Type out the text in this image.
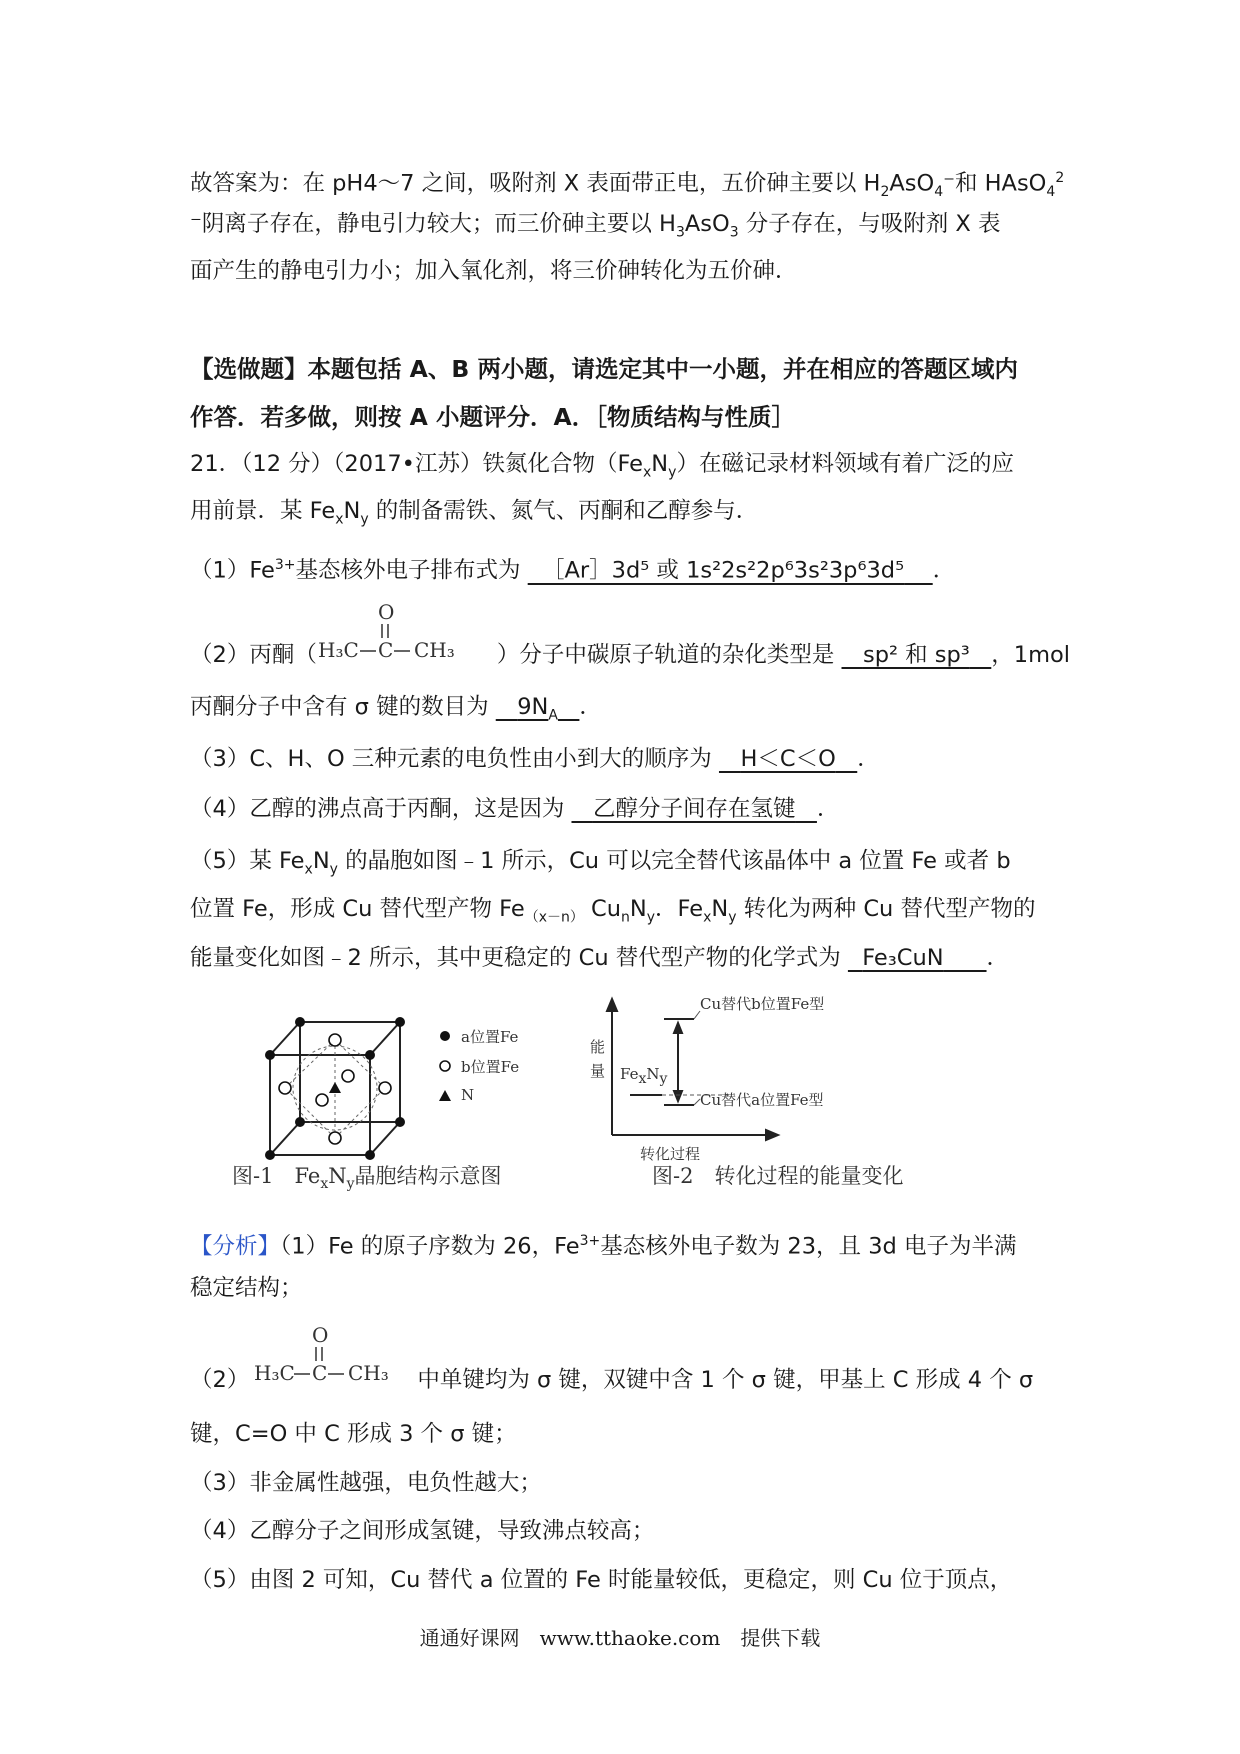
故答案为：在 pH4～7 之间，吸附剂 X 表面带正电，五价砷主要以 $H_2AsO_4^-$和 HAsO$_4^2$
⁻阴离子存在，静电引力较大；而三价砷主要以 $H_3AsO_3$ 分子存在，与吸附剂 X 表
面产生的静电引力小；加入氧化剂，将三价砷转化为五价砷．
【选做题】本题包括 A、B 两小题，请选定其中一小题，并在相应的答题区域内
作答．若多做，则按 A 小题评分．A．［物质结构与性质］
21．（12 分）（2017•江苏）铁氮化合物$(Fe_xN_y)$在磁记录材料领域有着广泛的应
用前景．某 $Fe_xN_y$ 的制备需铁、氮气、丙酮和乙醇参与．
$(1)Fe^{3+}$基态核外电子排布式为 ［Ar］3d⁵ 或 1s²2s²2p⁶3s²3p⁶3d⁵ ．
（2）丙酮（	）分子中碳原子轨道的杂化类型是 sp² 和 sp³ ，1mol
O
H₃C C CH₃
丙酮分子中含有 σ 键的数目为 $9N_A$ ．
（3）C、H、O 三种元素的电负性由小到大的顺序为 H＜C＜O ．
（4）乙醇的沸点高于丙酮，这是因为 乙醇分子间存在氢键 ．
（5）某 $Fe_xN_y$ 的晶胞如图﹣1 所示，Cu 可以完全替代该晶体中 a 位置 Fe 或者 b
位置 Fe，形成 Cu 替代型产物 $Fe_{(x-n)}$ $Cu_nN_y$．$Fe_xN_y$ 转化为两种 Cu 替代型产物的
能量变化如图﹣2 所示，其中更稳定的 Cu 替代型产物的化学式为 Fe₃CuN ．
a位置Fe
b位置Fe
N
图-1　$Fe_xN_y$晶胞结构示意图
Cu替代b位置Fe型
Cu替代a位置Fe型
能量
转化过程
$Fe_xN_y$
图-2　转化过程的能量变化
【分析】（1）Fe 的原子序数为 26，$Fe^{3+}$基态核外电子数为 23，且 3d 电子为半满
稳定结构；
（2）	中单键均为 σ 键，双键中含 1 个 σ 键，甲基上 C 形成 4 个 σ
O
H₃C C CH₃
键，C=O 中 C 形成 3 个 σ 键；
（3）非金属性越强，电负性越大；
（4）乙醇分子之间形成氢键，导致沸点较高；
（5）由图 2 可知，Cu 替代 a 位置的 Fe 时能量较低，更稳定，则 Cu 位于顶点，
通通好课网　www.tthaoke.com　提供下载
